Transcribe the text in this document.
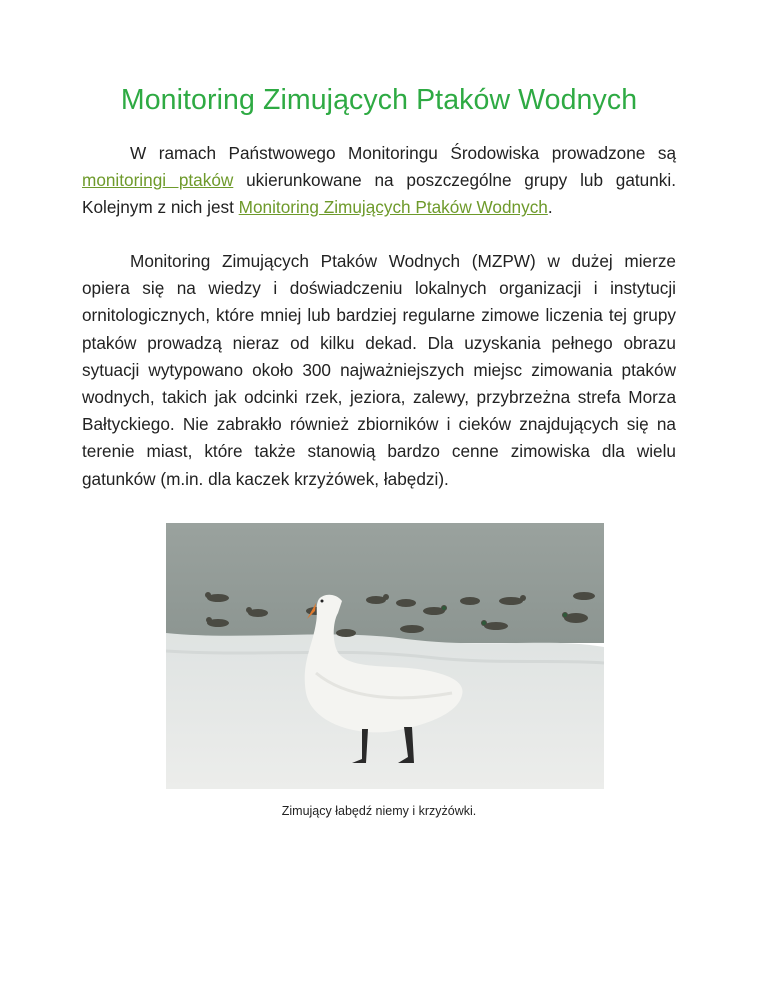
Monitoring Zimujących Ptaków Wodnych

W ramach Państwowego Monitoringu Środowiska prowadzone są monitoringi ptaków ukierunkowane na poszczególne grupy lub gatunki. Kolejnym z nich jest Monitoring Zimujących Ptaków Wodnych.

Monitoring Zimujących Ptaków Wodnych (MZPW) w dużej mierze opiera się na wiedzy i doświadczeniu lokalnych organizacji i instytucji ornitologicznych, które mniej lub bardziej regularne zimowe liczenia tej grupy ptaków prowadzą nieraz od kilku dekad. Dla uzyskania pełnego obrazu sytuacji wytypowano około 300 najważniejszych miejsc zimowania ptaków wodnych, takich jak odcinki rzek, jeziora, zalewy, przybrzeżna strefa Morza Bałtyckiego. Nie zabrakło również zbiorników i cieków znajdujących się na terenie miast, które także stanowią bardzo cenne zimowiska dla wielu gatunków (m.in. dla kaczek krzyżówek, łabędzi).

Zimujący łabędź niemy i krzyżówki.
